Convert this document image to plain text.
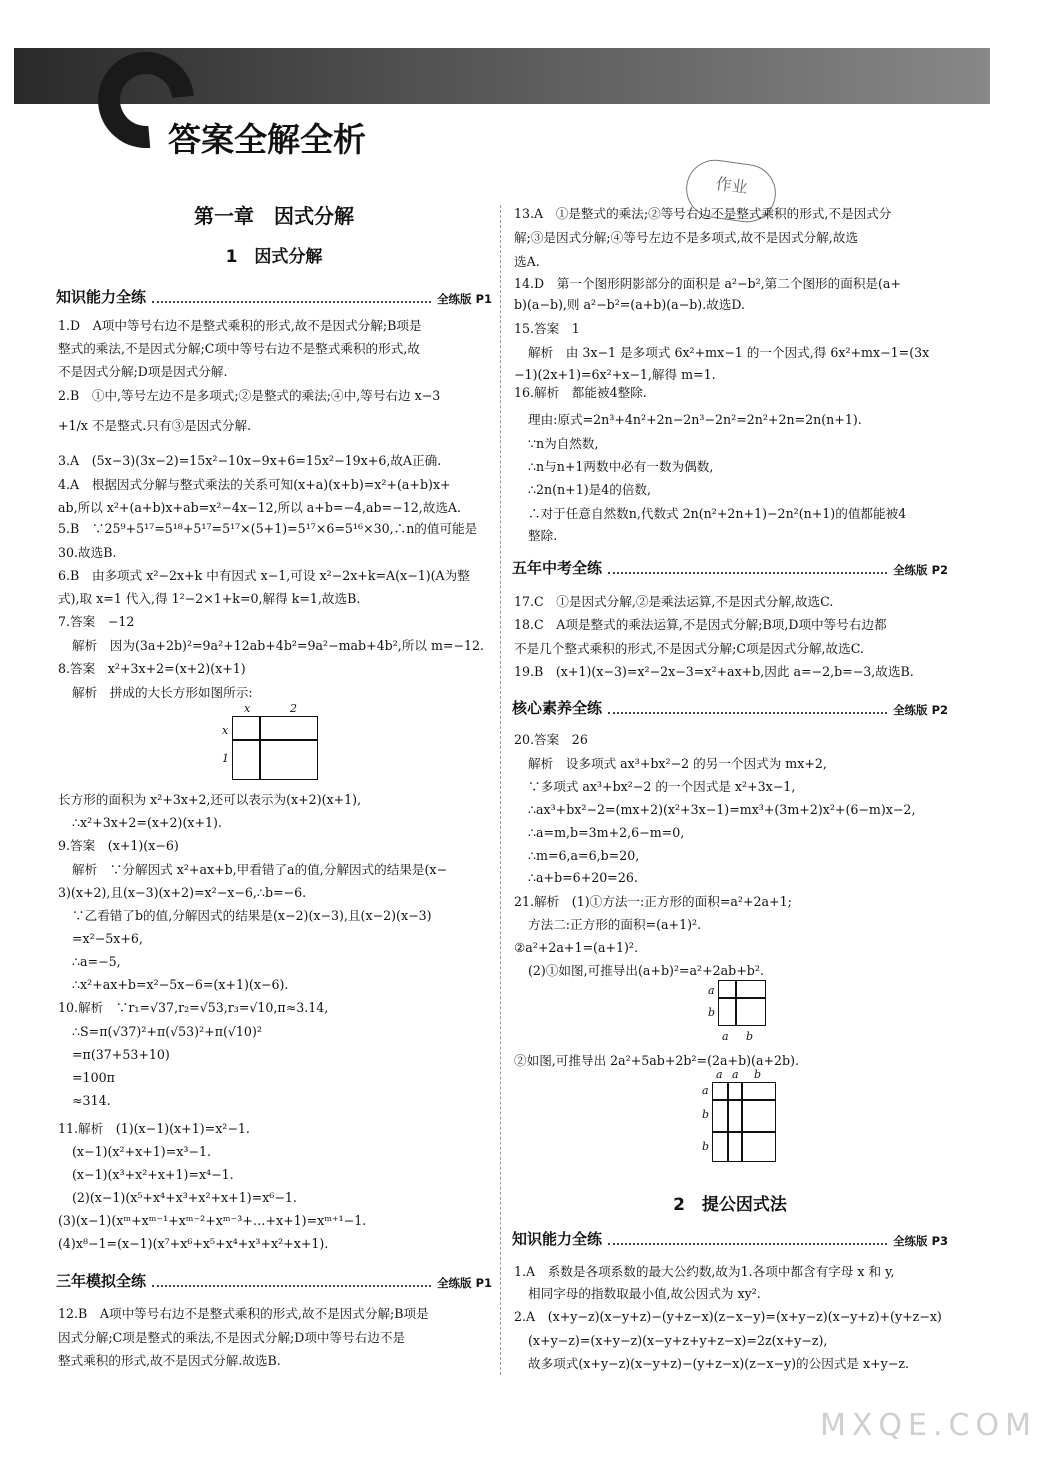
答案全解全析
作业
第一章　因式分解
1　因式分解
2　提公因式法
知识能力全练	全练版 P1
三年模拟全练	全练版 P1
五年中考全练	全练版 P2
核心素养全练	全练版 P2
知识能力全练	全练版 P3
1.D　A项中等号右边不是整式乘积的形式,故不是因式分解;B项是
整式的乘法,不是因式分解;C项中等号右边不是整式乘积的形式,故
不是因式分解;D项是因式分解.
2.B　①中,等号左边不是多项式;②是整式的乘法;④中,等号右边 x−3
+1/x 不是整式.只有③是因式分解.
3.A　(5x−3)(3x−2)=15x²−10x−9x+6=15x²−19x+6,故A正确.
4.A　根据因式分解与整式乘法的关系可知(x+a)(x+b)=x²+(a+b)x+
ab,所以 x²+(a+b)x+ab=x²−4x−12,所以 a+b=−4,ab=−12,故选A.
5.B　∵25⁹+5¹⁷=5¹⁸+5¹⁷=5¹⁷×(5+1)=5¹⁷×6=5¹⁶×30,∴n的值可能是
30.故选B.
6.B　由多项式 x²−2x+k 中有因式 x−1,可设 x²−2x+k=A(x−1)(A为整
式),取 x=1 代入,得 1²−2×1+k=0,解得 k=1,故选B.
7.答案　−12
解析　因为(3a+2b)²=9a²+12ab+4b²=9a²−mab+4b²,所以 m=−12.
8.答案　x²+3x+2=(x+2)(x+1)
解析　拼成的大长方形如图所示:
长方形的面积为 x²+3x+2,还可以表示为(x+2)(x+1),
∴x²+3x+2=(x+2)(x+1).
9.答案　(x+1)(x−6)
解析　∵分解因式 x²+ax+b,甲看错了a的值,分解因式的结果是(x−
3)(x+2),且(x−3)(x+2)=x²−x−6,∴b=−6.
∵乙看错了b的值,分解因式的结果是(x−2)(x−3),且(x−2)(x−3)
=x²−5x+6,
∴a=−5,
∴x²+ax+b=x²−5x−6=(x+1)(x−6).
10.解析　∵r₁=√37,r₂=√53,r₃=√10,π≈3.14,
∴S=π(√37)²+π(√53)²+π(√10)²
=π(37+53+10)
=100π
≈314.
11.解析　(1)(x−1)(x+1)=x²−1.
(x−1)(x²+x+1)=x³−1.
(x−1)(x³+x²+x+1)=x⁴−1.
(2)(x−1)(x⁵+x⁴+x³+x²+x+1)=x⁶−1.
(3)(x−1)(xᵐ+xᵐ⁻¹+xᵐ⁻²+xᵐ⁻³+…+x+1)=xᵐ⁺¹−1.
(4)x⁸−1=(x−1)(x⁷+x⁶+x⁵+x⁴+x³+x²+x+1).
12.B　A项中等号右边不是整式乘积的形式,故不是因式分解;B项是
因式分解;C项是整式的乘法,不是因式分解;D项中等号右边不是
整式乘积的形式,故不是因式分解.故选B.
13.A　①是整式的乘法;②等号右边不是整式乘积的形式,不是因式分
解;③是因式分解;④等号左边不是多项式,故不是因式分解,故选
选A.
14.D　第一个图形阴影部分的面积是 a²−b²,第二个图形的面积是(a+
b)(a−b),则 a²−b²=(a+b)(a−b).故选D.
15.答案　1
解析　由 3x−1 是多项式 6x²+mx−1 的一个因式,得 6x²+mx−1=(3x
−1)(2x+1)=6x²+x−1,解得 m=1.
16.解析　都能被4整除.
理由:原式=2n³+4n²+2n−2n³−2n²=2n²+2n=2n(n+1).
∵n为自然数,
∴n与n+1两数中必有一数为偶数,
∴2n(n+1)是4的倍数,
∴对于任意自然数n,代数式 2n(n²+2n+1)−2n²(n+1)的值都能被4
整除.
17.C　①是因式分解,②是乘法运算,不是因式分解,故选C.
18.C　A项是整式的乘法运算,不是因式分解;B项,D项中等号右边都
不是几个整式乘积的形式,不是因式分解;C项是因式分解,故选C.
19.B　(x+1)(x−3)=x²−2x−3=x²+ax+b,因此 a=−2,b=−3,故选B.
20.答案　26
解析　设多项式 ax³+bx²−2 的另一个因式为 mx+2,
∵多项式 ax³+bx²−2 的一个因式是 x²+3x−1,
∴ax³+bx²−2=(mx+2)(x²+3x−1)=mx³+(3m+2)x²+(6−m)x−2,
∴a=m,b=3m+2,6−m=0,
∴m=6,a=6,b=20,
∴a+b=6+20=26.
21.解析　(1)①方法一:正方形的面积=a²+2a+1;
方法二:正方形的面积=(a+1)².
②a²+2a+1=(a+1)².
(2)①如图,可推导出(a+b)²=a²+2ab+b².
②如图,可推导出 2a²+5ab+2b²=(2a+b)(a+2b).
1.A　系数是各项系数的最大公约数,故为1.各项中都含有字母 x 和 y,
相同字母的指数取最小值,故公因式为 xy².
2.A　(x+y−z)(x−y+z)−(y+z−x)(z−x−y)=(x+y−z)(x−y+z)+(y+z−x)
(x+y−z)=(x+y−z)(x−y+z+y+z−x)=2z(x+y−z),
故多项式(x+y−z)(x−y+z)−(y+z−x)(z−x−y)的公因式是 x+y−z.
x	2
x
1
a
b
a b
a a b
a
b
b
MXQE.COM
